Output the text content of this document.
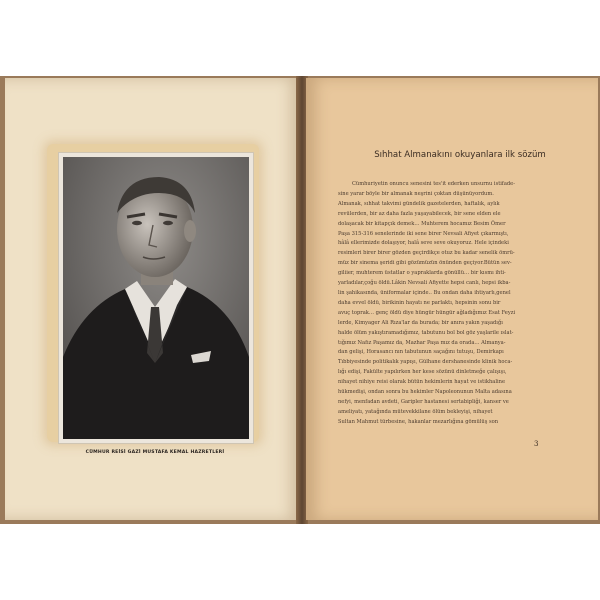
CÜMHUR REİSİ GAZİ MUSTAFA KEMAL HAZRETLERİ
Sıhhat Almanakını okuyanlara ilk sözüm
Cümhuriyetin onuncu senesini tes'it ederken unsurnu istifade-
sine yarar böyle bir almanak neşrini çoktan düşünüyordum.
Almanak, sıhhat takvimi gündelik gazetelerden, haftalık, aylık
revülerden, bir az daha fazla yaşayabilecek, bir sene elden ele
dolaşacak bir kitapçık demek… Muhterem hocamız Besim Ömer
Paşa 315-316 senelerinde iki sene birer Nevsali Afiyet çıkarmıştı,
hâlâ ellerimizde dolaşıyor, halâ seve seve okuyoruz. Hele içindeki
resimleri birer birer gözden geçirdikçe otuz bu kadar senelik ömrü-
müz bir sinema şeridi gibi gözümüzün önünden geçiyor.Bütün sev-
giliier, muhterem üstatlar o yapraklarda gönüllü… bir kısmı ihti-
yarladılar,çoğu öldü.Lâkin Nevsali Afiyette hepsi canlı, hepsi ikba-
lin şahikasında, üniformalar içinde.. Bu ondan daha ihtiyarlı,genel
daha evvel öldü, birikinin hayatı ne parlaktı, hepsinin sonu bir
avuç toprak… genç öldü diye hüngür hüngür ağladığımız Esat Feyzi
lerde, Kimyager Ali Rıza'lar da burada; bir anıra yakın yaşadığı
halde ölüm yakıştıramadığımız, tabutunu bol bol göz yaşlarile ıslat-
tığımız Nafız Paşamız da, Mazhar Paşa mız da orada… Almanya-
dan gelişi, Horasancı nın tabutunun saçağını tutuşu, Demirkapı
Tıbbiyesinde politikalık yapışı, Gülhane dershanesinde klinik hoca-
lığı edişi, Fakülte yapılırken her kese sözünü dinletmeğe çalışışı,
nihayet nihiye reisi olarak bütün hekimlerin hayat ve istikhaline
hükmedişi, ondan sonra bu hekimler Napoleonunun Malta adasına
nefyi, menfadan avdeti, Garipler hastanesi sertabipliği, kanser ve
ameliyatı, yatağında mütevekkilane ölüm bekleyişi, nihayet
Sultan Mahmut türbesine, hakanlar mezarlığına gömülüş son
3
